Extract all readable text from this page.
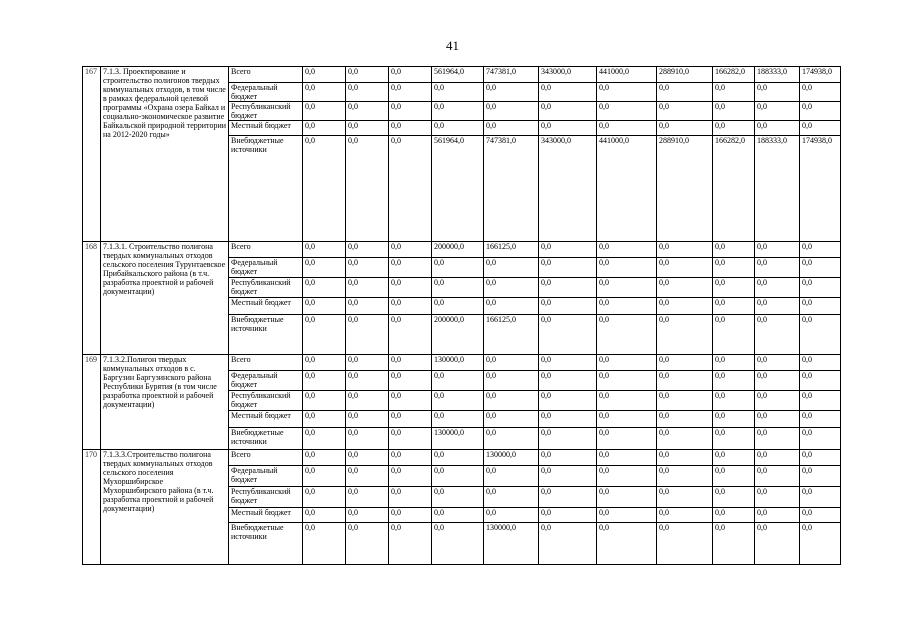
41
167	7.1.3. Проектирование и строительство полигонов твердых коммунальных отходов, в том числе в рамках федеральной целевой программы «Охрана озера Байкал и социально-экономическое развитие Байкальской природной территории на 2012-2020 годы»	Всего	0,0	0,0	0,0	561964,0	747381,0	343000,0	441000,0	288910,0	166282,0	188333,0	174938,0
		Федеральный бюджет	0,0	0,0	0,0	0,0	0,0	0,0	0,0	0,0	0,0	0,0	0,0
		Республиканский бюджет	0,0	0,0	0,0	0,0	0,0	0,0	0,0	0,0	0,0	0,0	0,0
		Местный бюджет	0,0	0,0	0,0	0,0	0,0	0,0	0,0	0,0	0,0	0,0	0,0
		Внебюджетные источники	0,0	0,0	0,0	561964,0	747381,0	343000,0	441000,0	288910,0	166282,0	188333,0	174938,0
168	7.1.3.1. Строительство полигона твердых коммунальных отходов сельского поселения Турунтаевское Прибайкальского района (в т.ч. разработка проектной и рабочей документации)	Всего	0,0	0,0	0,0	200000,0	166125,0	0,0	0,0	0,0	0,0	0,0	0,0
		Федеральный бюджет	0,0	0,0	0,0	0,0	0,0	0,0	0,0	0,0	0,0	0,0	0,0
		Республиканский бюджет	0,0	0,0	0,0	0,0	0,0	0,0	0,0	0,0	0,0	0,0	0,0
		Местный бюджет	0,0	0,0	0,0	0,0	0,0	0,0	0,0	0,0	0,0	0,0	0,0
		Внебюджетные источники	0,0	0,0	0,0	200000,0	166125,0	0,0	0,0	0,0	0,0	0,0	0,0
169	7.1.3.2.Полигон твердых коммунальных отходов в с. Баргузин Баргузинского района Республики Бурятия (в том числе разработка проектной и рабочей документации)	Всего	0,0	0,0	0,0	130000,0	0,0	0,0	0,0	0,0	0,0	0,0	0,0
		Федеральный бюджет	0,0	0,0	0,0	0,0	0,0	0,0	0,0	0,0	0,0	0,0	0,0
		Республиканский бюджет	0,0	0,0	0,0	0,0	0,0	0,0	0,0	0,0	0,0	0,0	0,0
		Местный бюджет	0,0	0,0	0,0	0,0	0,0	0,0	0,0	0,0	0,0	0,0	0,0
		Внебюджетные источники	0,0	0,0	0,0	130000,0	0,0	0,0	0,0	0,0	0,0	0,0	0,0
170	7.1.3.3.Строительство полигона твердых коммунальных отходов сельского поселения Мухоршибирское Мухоршибирского района (в т.ч. разработка проектной и рабочей документации)	Всего	0,0	0,0	0,0	0,0	130000,0	0,0	0,0	0,0	0,0	0,0	0,0
		Федеральный бюджет	0,0	0,0	0,0	0,0	0,0	0,0	0,0	0,0	0,0	0,0	0,0
		Республиканский бюджет	0,0	0,0	0,0	0,0	0,0	0,0	0,0	0,0	0,0	0,0	0,0
		Местный бюджет	0,0	0,0	0,0	0,0	0,0	0,0	0,0	0,0	0,0	0,0	0,0
		Внебюджетные источники	0,0	0,0	0,0	0,0	130000,0	0,0	0,0	0,0	0,0	0,0	0,0
